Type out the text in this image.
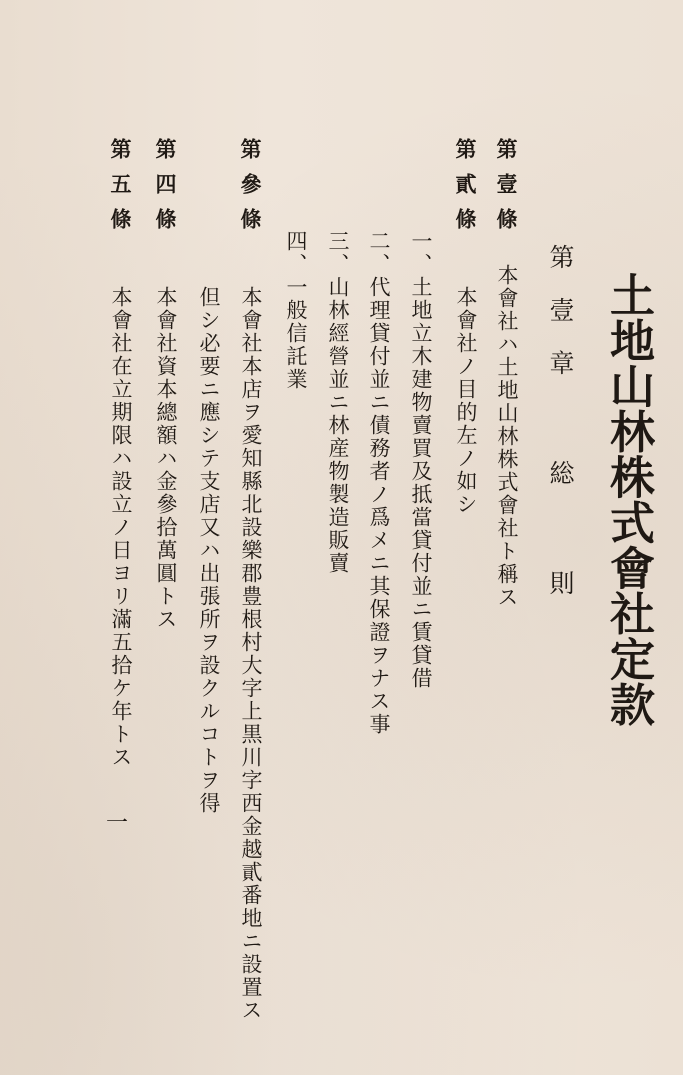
土地山林株式會社定款
第壹章 総 則
第壹條
本會社ハ土地山林株式會社ト稱ス
第貳條
本會社ノ目的左ノ如シ
一、土地立木建物賣買及抵當貸付並ニ賃貸借
二、代理貸付並ニ債務者ノ爲メニ其保證ヲナス事
三、山林經營並ニ林産物製造販賣
四、一般信託業
第參條
本會社本店ヲ愛知縣北設樂郡豊根村大字上黒川字西金越貳番地ニ設置ス
但シ必要ニ應シテ支店又ハ出張所ヲ設クルコトヲ得
第四條
本會社資本總額ハ金參拾萬圓トス
第五條
本會社在立期限ハ設立ノ日ヨリ滿五拾ケ年トス
一
